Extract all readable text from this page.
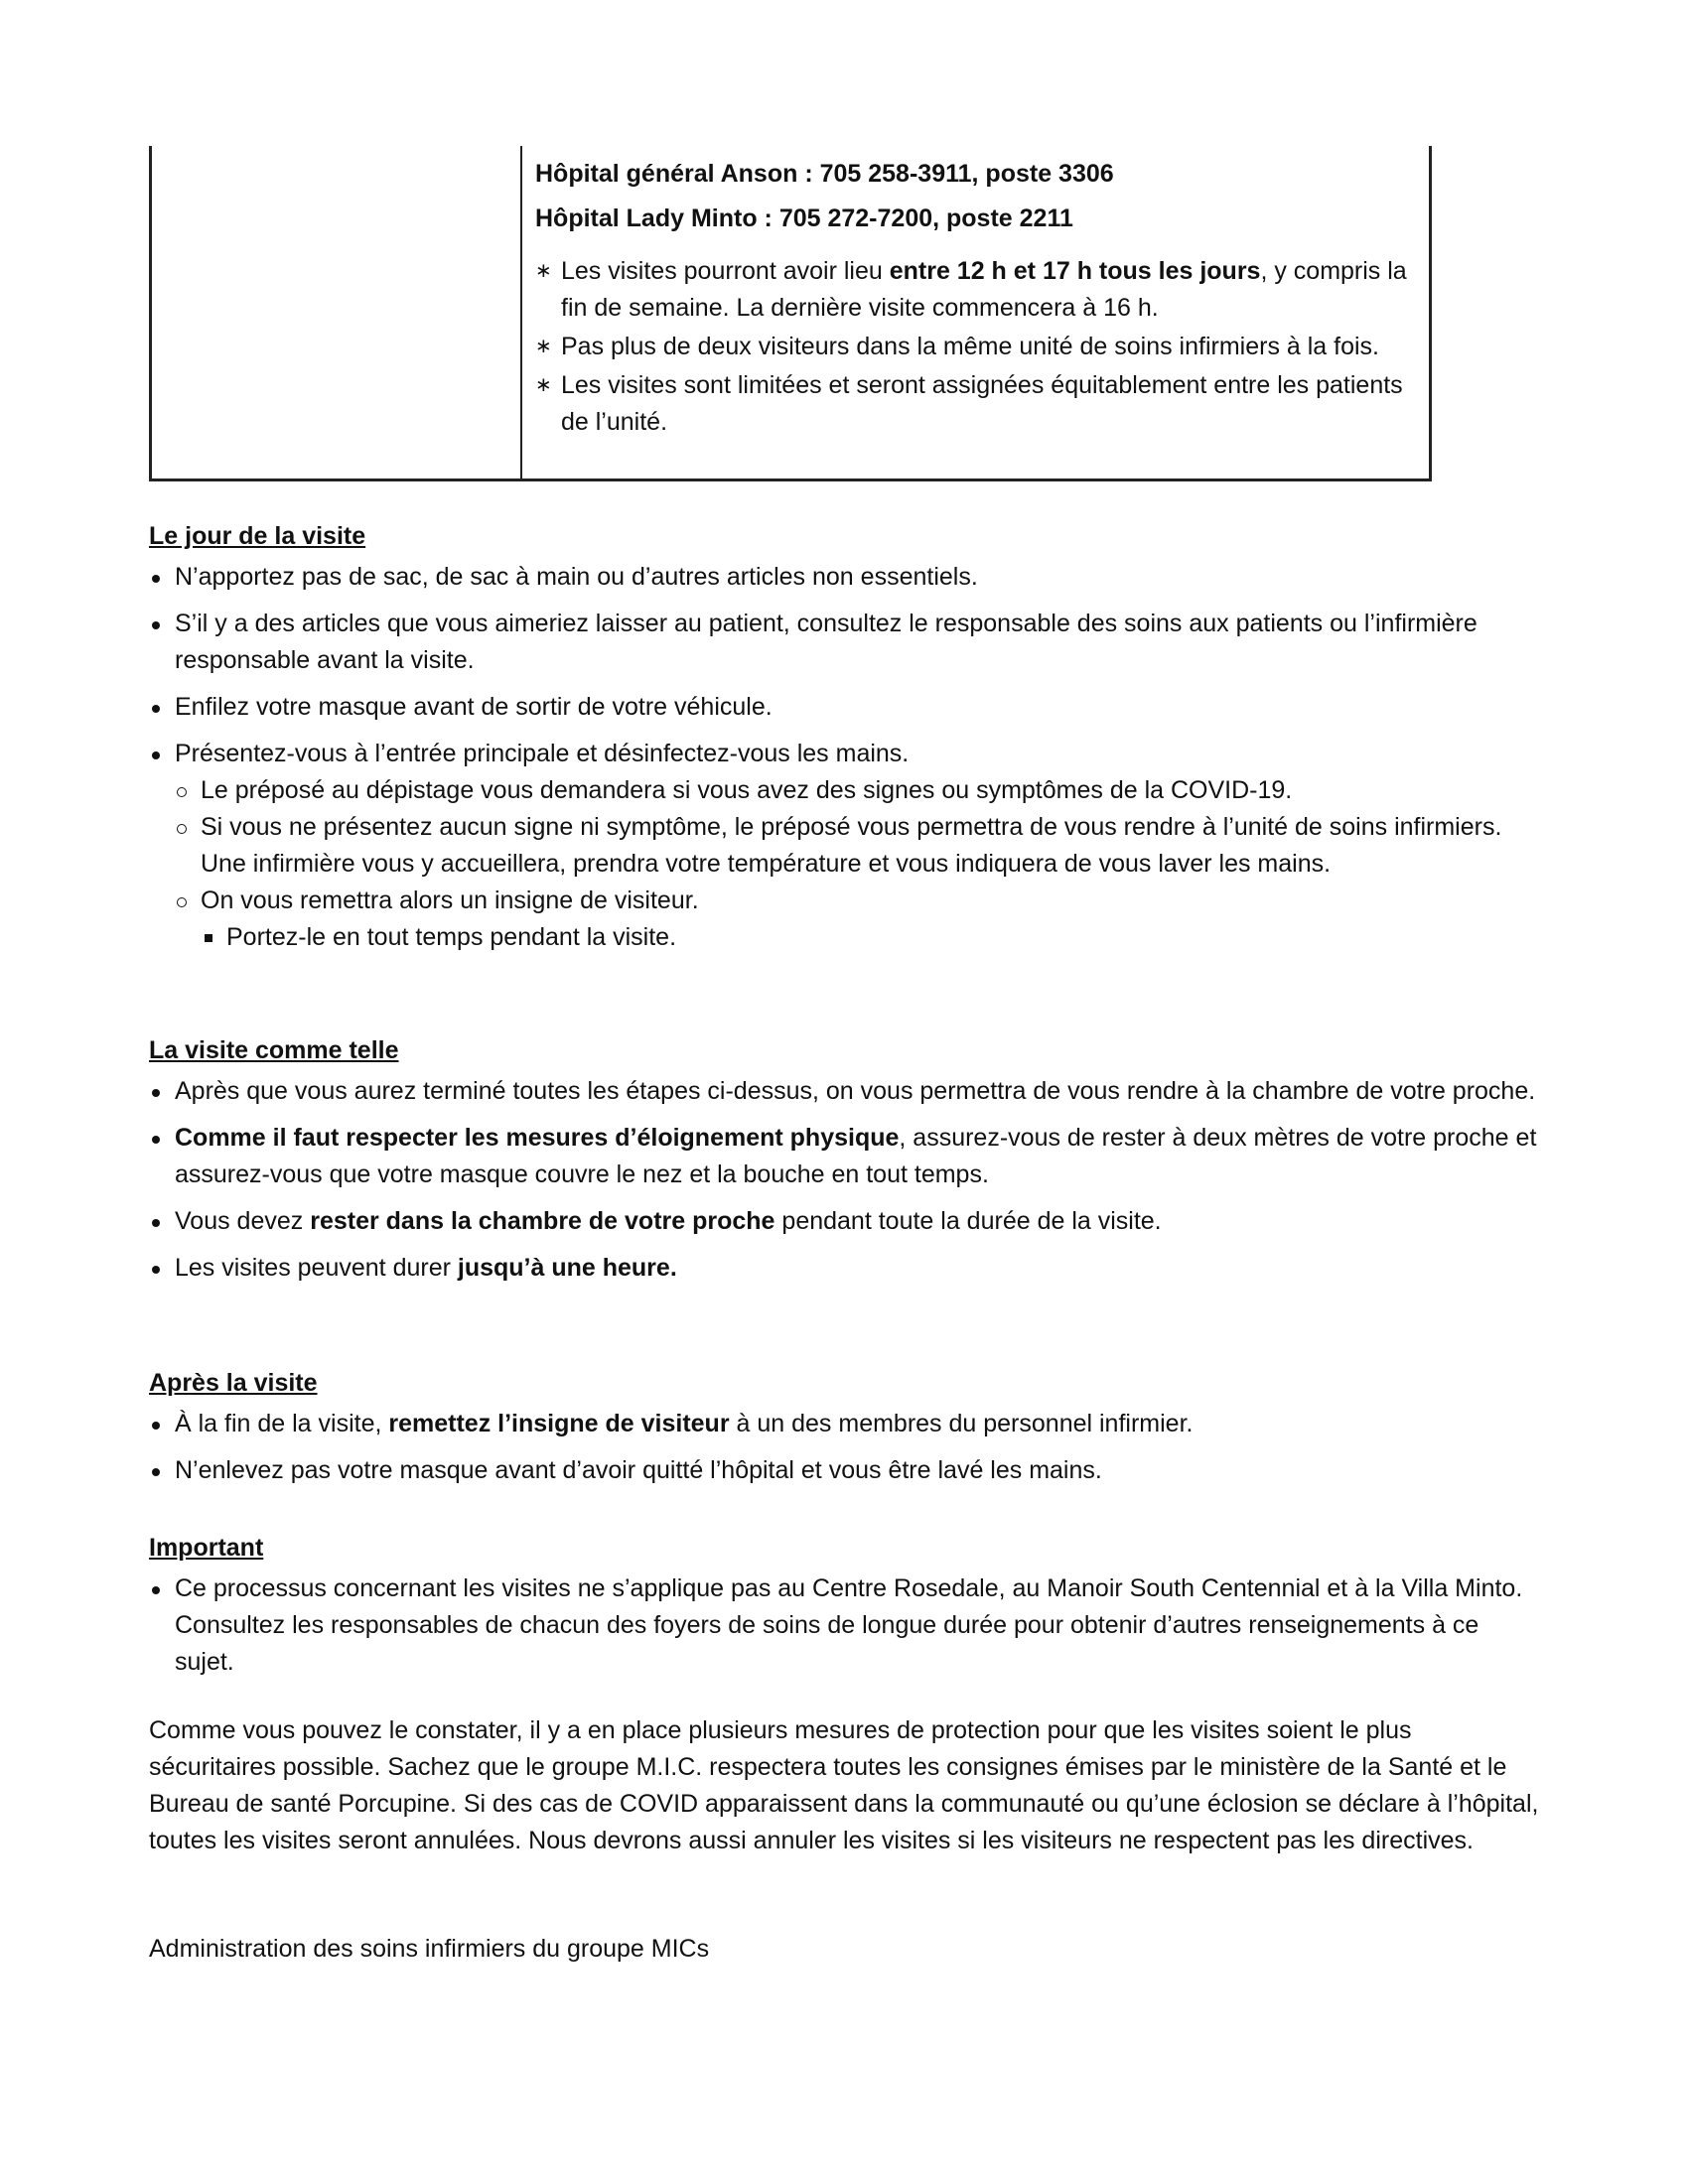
Hôpital général Anson : 705 258-3911, poste 3306

Hôpital Lady Minto : 705 272-7200, poste 2211

∗ Les visites pourront avoir lieu entre 12 h et 17 h tous les jours, y compris la fin de semaine. La dernière visite commencera à 16 h.
∗ Pas plus de deux visiteurs dans la même unité de soins infirmiers à la fois.
∗ Les visites sont limitées et seront assignées équitablement entre les patients de l’unité.

Le jour de la visite

N’apportez pas de sac, de sac à main ou d’autres articles non essentiels.
S’il y a des articles que vous aimeriez laisser au patient, consultez le responsable des soins aux patients ou l’infirmière responsable avant la visite.
Enfilez votre masque avant de sortir de votre véhicule.
Présentez-vous à l’entrée principale et désinfectez-vous les mains.
Le préposé au dépistage vous demandera si vous avez des signes ou symptômes de la COVID-19.
Si vous ne présentez aucun signe ni symptôme, le préposé vous permettra de vous rendre à l’unité de soins infirmiers. Une infirmière vous y accueillera, prendra votre température et vous indiquera de vous laver les mains.
On vous remettra alors un insigne de visiteur.
Portez-le en tout temps pendant la visite.

La visite comme telle

Après que vous aurez terminé toutes les étapes ci-dessus, on vous permettra de vous rendre à la chambre de votre proche.
Comme il faut respecter les mesures d’éloignement physique, assurez-vous de rester à deux mètres de votre proche et assurez-vous que votre masque couvre le nez et la bouche en tout temps.
Vous devez rester dans la chambre de votre proche pendant toute la durée de la visite.
Les visites peuvent durer jusqu’à une heure.

Après la visite

À la fin de la visite, remettez l’insigne de visiteur à un des membres du personnel infirmier.
N’enlevez pas votre masque avant d’avoir quitté l’hôpital et vous être lavé les mains.

Important

Ce processus concernant les visites ne s’applique pas au Centre Rosedale, au Manoir South Centennial et à la Villa Minto. Consultez les responsables de chacun des foyers de soins de longue durée pour obtenir d’autres renseignements à ce sujet.

Comme vous pouvez le constater, il y a en place plusieurs mesures de protection pour que les visites soient le plus sécuritaires possible. Sachez que le groupe M.I.C. respectera toutes les consignes émises par le ministère de la Santé et le Bureau de santé Porcupine. Si des cas de COVID apparaissent dans la communauté ou qu’une éclosion se déclare à l’hôpital, toutes les visites seront annulées. Nous devrons aussi annuler les visites si les visiteurs ne respectent pas les directives.

Administration des soins infirmiers du groupe MICs
